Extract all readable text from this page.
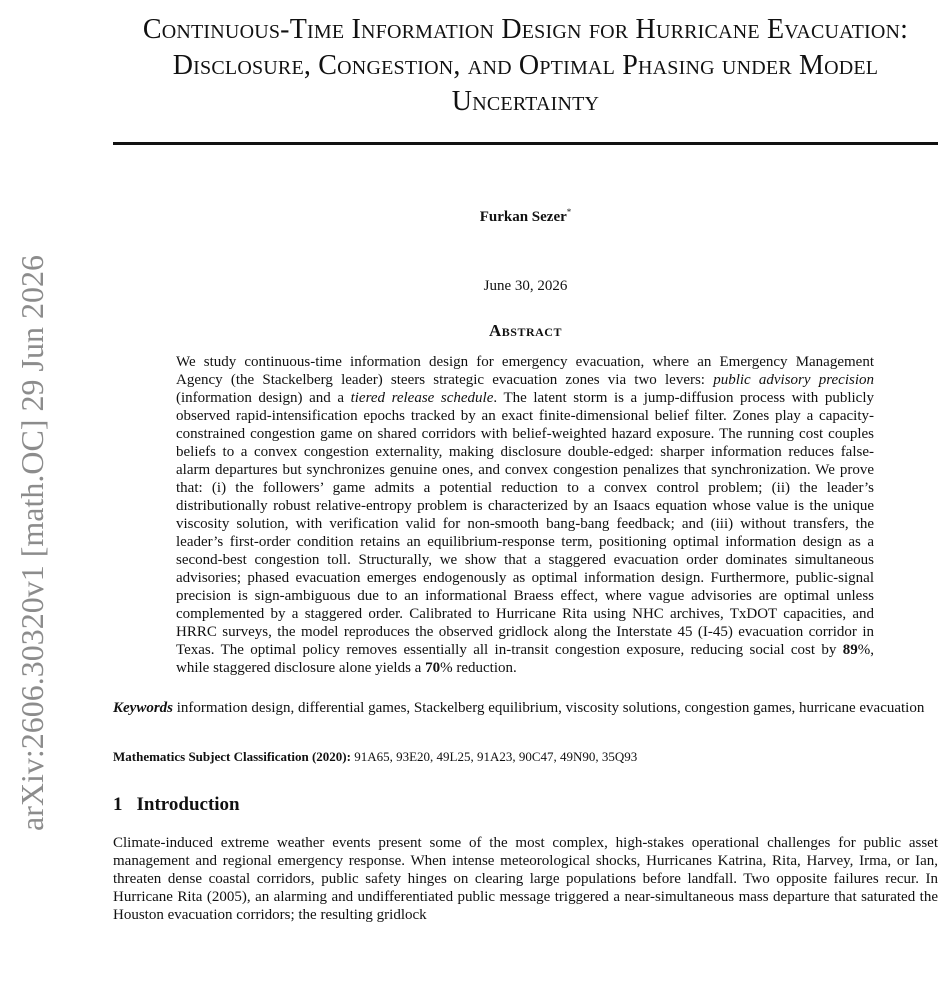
arXiv:2606.30320v1 [math.OC] 29 Jun 2026
Continuous-Time Information Design for Hurricane Evacuation: Disclosure, Congestion, and Optimal Phasing under Model Uncertainty
Furkan Sezer*
June 30, 2026
Abstract

We study continuous-time information design for emergency evacuation, where an Emergency Management Agency (the Stackelberg leader) steers strategic evacuation zones via two levers: public advisory precision (information design) and a tiered release schedule. The latent storm is a jump-diffusion process with publicly observed rapid-intensification epochs tracked by an exact finite-dimensional belief filter. Zones play a capacity-constrained congestion game on shared corridors with belief-weighted hazard exposure. The running cost couples beliefs to a convex congestion externality, making disclosure double-edged: sharper information reduces false-alarm departures but synchronizes genuine ones, and convex congestion penalizes that synchronization. We prove that: (i) the followers’ game admits a potential reduction to a convex control problem; (ii) the leader’s distributionally robust relative-entropy problem is characterized by an Isaacs equation whose value is the unique viscosity solution, with verification valid for non-smooth bang-bang feedback; and (iii) without transfers, the leader’s first-order condition retains an equilibrium-response term, positioning optimal information design as a second-best congestion toll. Structurally, we show that a staggered evacuation order dominates simultaneous advisories; phased evacuation emerges endogenously as optimal information design. Furthermore, public-signal precision is sign-ambiguous due to an informational Braess effect, where vague advisories are optimal unless complemented by a staggered order. Calibrated to Hurricane Rita using NHC archives, TxDOT capacities, and HRRC surveys, the model reproduces the observed gridlock along the Interstate 45 (I-45) evacuation corridor in Texas. The optimal policy removes essentially all in-transit congestion exposure, reducing social cost by 89%, while staggered disclosure alone yields a 70% reduction.

Keywords information design, differential games, Stackelberg equilibrium, viscosity solutions, congestion games, hurricane evacuation
Mathematics Subject Classification (2020): 91A65, 93E20, 49L25, 91A23, 90C47, 49N90, 35Q93
1 Introduction

Climate-induced extreme weather events present some of the most complex, high-stakes operational challenges for public asset management and regional emergency response. When intense meteorological shocks, Hurricanes Katrina, Rita, Harvey, Irma, or Ian, threaten dense coastal corridors, public safety hinges on clearing large populations before landfall. Two opposite failures recur. In Hurricane Rita (2005), an alarming and undifferentiated public message triggered a near-simultaneous mass departure that saturated the Houston evacuation corridors; the resulting gridlock
